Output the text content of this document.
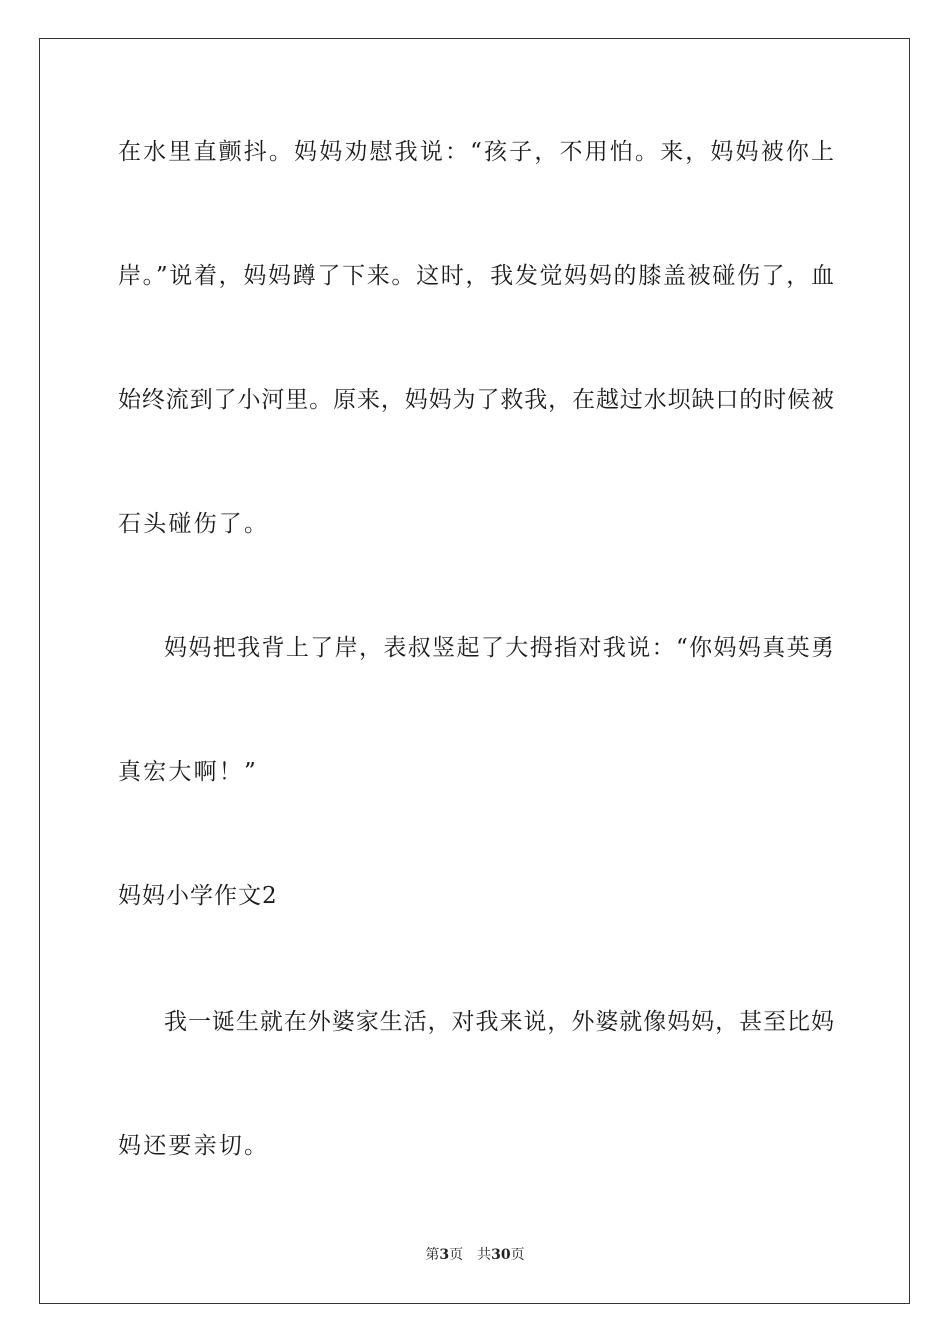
在水里直颤抖。妈妈劝慰我说：“孩子，不用怕。来，妈妈被你上
岸。”说着，妈妈蹲了下来。这时，我发觉妈妈的膝盖被碰伤了，血
始终流到了小河里。原来，妈妈为了救我，在越过水坝缺口的时候被
石头碰伤了。
妈妈把我背上了岸，表叔竖起了大拇指对我说：“你妈妈真英勇
真宏大啊！”
妈妈小学作文2
我一诞生就在外婆家生活，对我来说，外婆就像妈妈，甚至比妈
妈还要亲切。
第3页 共30页
